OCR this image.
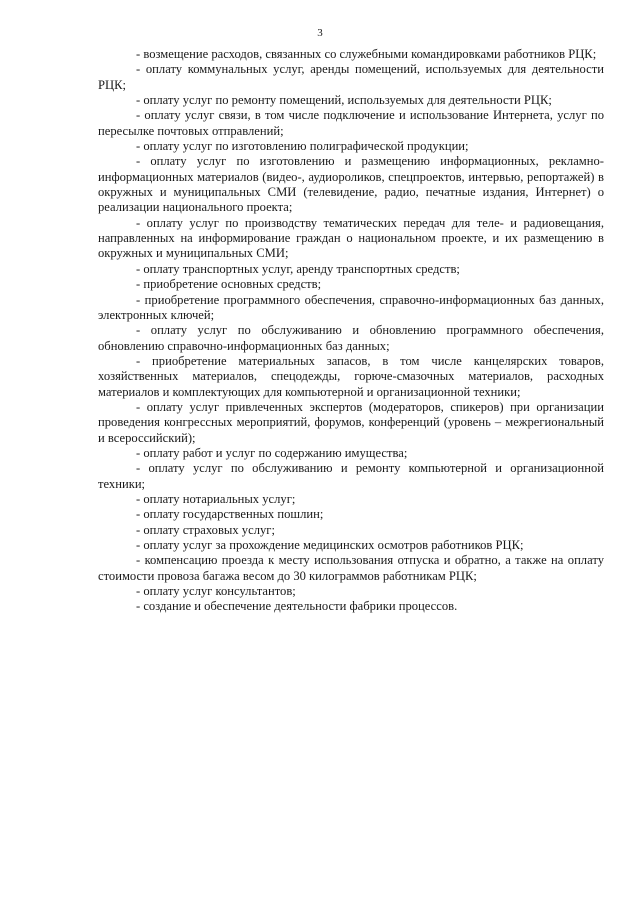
3

- возмещение расходов, связанных со служебными командировками работников РЦК;

- оплату коммунальных услуг, аренды помещений, используемых для деятельности РЦК;

- оплату услуг по ремонту помещений, используемых для деятельности РЦК;

- оплату услуг связи, в том числе подключение и использование Интернета, услуг по пересылке почтовых отправлений;

- оплату услуг по изготовлению полиграфической продукции;

- оплату услуг по изготовлению и размещению информационных, рекламно-информационных материалов (видео-, аудиороликов, спецпроектов, интервью, репортажей) в окружных и муниципальных СМИ (телевидение, радио, печатные издания, Интернет) о реализации национального проекта;

- оплату услуг по производству тематических передач для теле- и радиовещания, направленных на информирование граждан о национальном проекте, и их размещению в окружных и муниципальных СМИ;

- оплату транспортных услуг, аренду транспортных средств;

- приобретение основных средств;

- приобретение программного обеспечения, справочно-информационных баз данных, электронных ключей;

- оплату услуг по обслуживанию и обновлению программного обеспечения, обновлению справочно-информационных баз данных;

- приобретение материальных запасов, в том числе канцелярских товаров, хозяйственных материалов, спецодежды, горюче-смазочных материалов, расходных материалов и комплектующих для компьютерной и организационной техники;

- оплату услуг привлеченных экспертов (модераторов, спикеров) при организации проведения конгрессных мероприятий, форумов, конференций (уровень – межрегиональный и всероссийский);

- оплату работ и услуг по содержанию имущества;

- оплату услуг по обслуживанию и ремонту компьютерной и организационной техники;

- оплату нотариальных услуг;

- оплату государственных пошлин;

- оплату страховых услуг;

- оплату услуг за прохождение медицинских осмотров работников РЦК;

- компенсацию проезда к месту использования отпуска и обратно, а также на оплату стоимости провоза багажа весом до 30 килограммов работникам РЦК;

- оплату услуг консультантов;

- создание и обеспечение деятельности фабрики процессов.
